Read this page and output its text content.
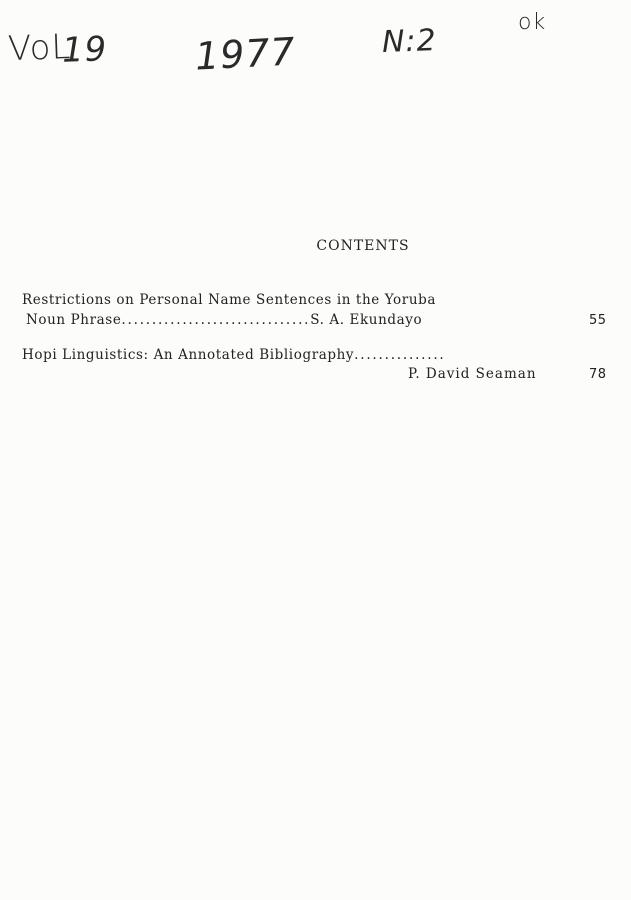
VoL
19 1977	N:2
ok
CONTENTS
Restrictions on Personal Name Sentences in the Yoruba
Noun Phrase...............................S. A. Ekundayo	55
Hopi Linguistics: An Annotated Bibliography...............
P. David Seaman	78
